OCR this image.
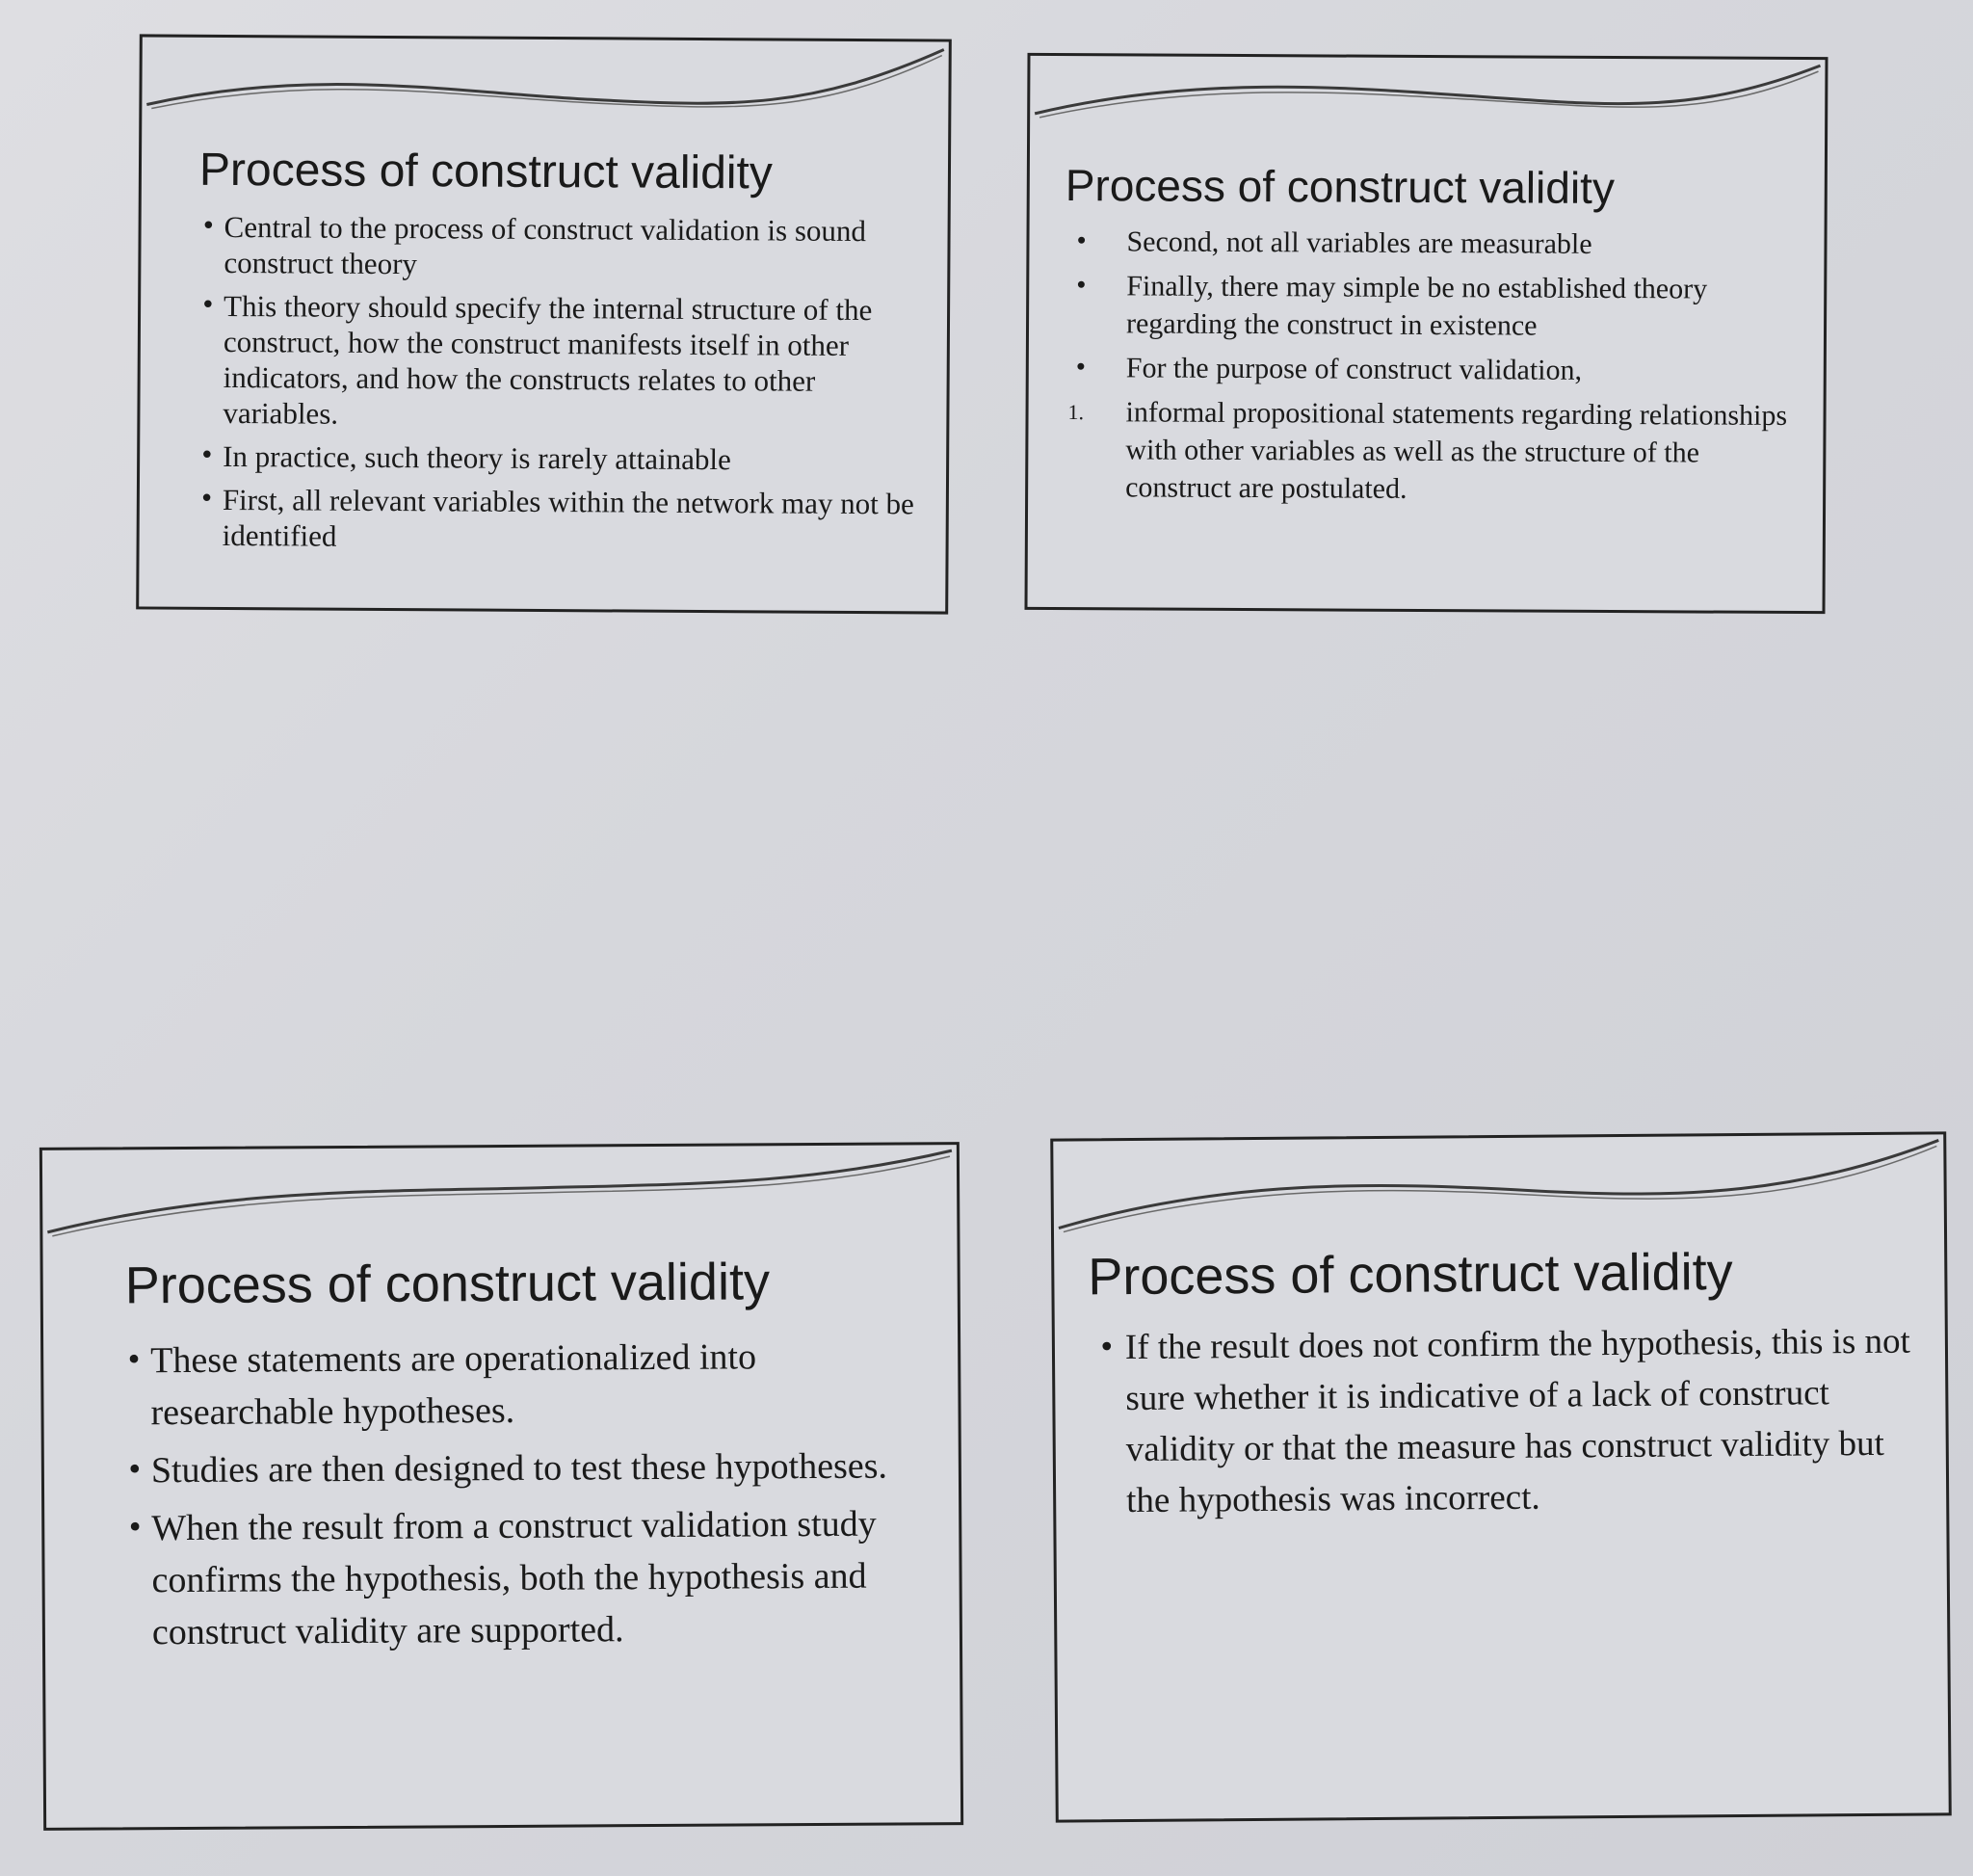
Process of construct validity
• Central to the process of construct validation is sound construct theory
• This theory should specify the internal structure of the construct, how the construct manifests itself in other indicators, and how the constructs relates to other variables.
• In practice, such theory is rarely attainable
• First, all relevant variables within the network may not be identified
Process of construct validity
• Second, not all variables are measurable
• Finally, there may simple be no established theory regarding the construct in existence
• For the purpose of construct validation,
1. informal propositional statements regarding relationships with other variables as well as the structure of the construct are postulated.
Process of construct validity
• These statements are operationalized into researchable hypotheses.
• Studies are then designed to test these hypotheses.
• When the result from a construct validation study confirms the hypothesis, both the hypothesis and construct validity are supported.
Process of construct validity
• If the result does not confirm the hypothesis, this is not sure whether it is indicative of a lack of construct validity or that the measure has construct validity but the hypothesis was incorrect.
